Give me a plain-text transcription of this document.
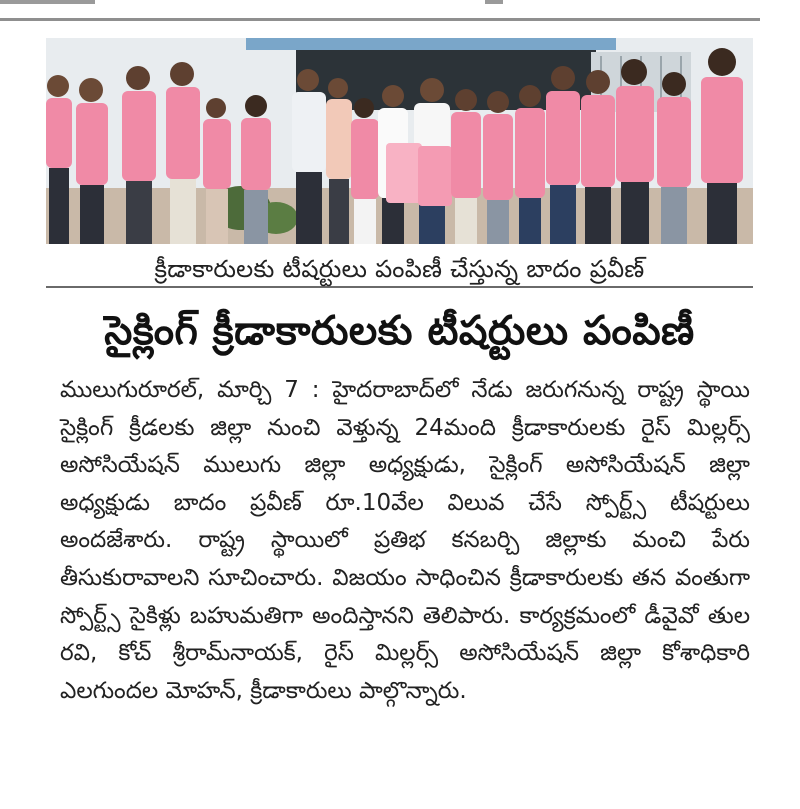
క్రీడాకారులకు టీషర్టులు పంపిణీ చేస్తున్న బాదం ప్రవీణ్
సైక్లింగ్ క్రీడాకారులకు టీషర్టులు పంపిణీ
ములుగురూరల్, మార్చి 7 : హైదరాబాద్‌లో నేడు జరుగనున్న రాష్ట్ర స్థాయి సైక్లింగ్ క్రీడలకు జిల్లా నుంచి వెళ్తున్న 24మంది క్రీడాకారులకు రైస్ మిల్లర్స్ అసోసియేషన్ ములుగు జిల్లా అధ్యక్షుడు, సైక్లింగ్ అసోసియేషన్ జిల్లా అధ్యక్షుడు బాదం ప్రవీణ్ రూ.10వేల విలువ చేసే స్పోర్ట్స్ టీషర్టులు అందజేశారు. రాష్ట్ర స్థాయిలో ప్రతిభ కనబర్చి జిల్లాకు మంచి పేరు తీసుకురావాలని సూచించారు. విజయం సాధించిన క్రీడాకారులకు తన వంతుగా స్పోర్ట్స్ సైకిళ్లు బహుమతిగా అందిస్తానని తెలిపారు. కార్యక్రమంలో డీవైవో తుల రవి, కోచ్ శ్రీరామ్‌నాయక్, రైస్ మిల్లర్స్ అసోసియేషన్ జిల్లా కోశాధికారి ఎలగుందల మోహన్, క్రీడాకారులు పాల్గొన్నారు.
